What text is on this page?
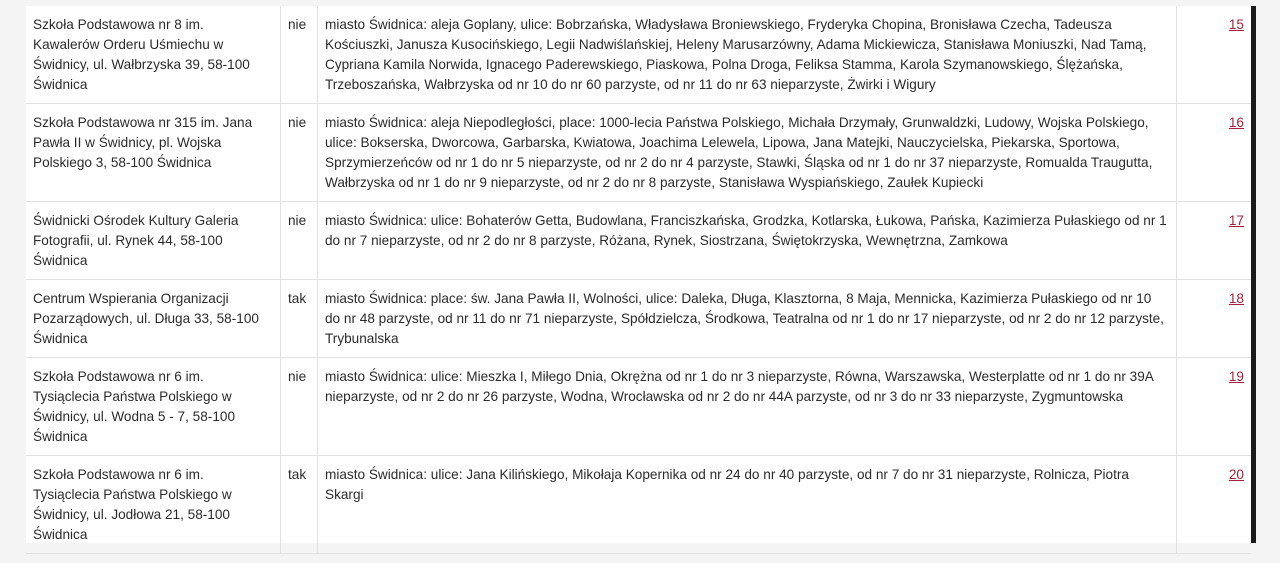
Szkoła Podstawowa nr 8 im. Kawalerów Orderu Uśmiechu w Świdnicy, ul. Wałbrzyska 39, 58-100 Świdnica	nie	miasto Świdnica: aleja Goplany, ulice: Bobrzańska, Władysława Broniewskiego, Fryderyka Chopina, Bronisława Czecha, Tadeusza Kościuszki, Janusza Kusocińskiego, Legii Nadwiślańskiej, Heleny Marusarzówny, Adama Mickiewicza, Stanisława Moniuszki, Nad Tamą, Cypriana Kamila Norwida, Ignacego Paderewskiego, Piaskowa, Polna Droga, Feliksa Stamma, Karola Szymanowskiego, Ślężańska, Trzeboszańska, Wałbrzyska od nr 10 do nr 60 parzyste, od nr 11 do nr 63 nieparzyste, Żwirki i Wigury	15
Szkoła Podstawowa nr 315 im. Jana Pawła II w Świdnicy, pl. Wojska Polskiego 3, 58-100 Świdnica	nie	miasto Świdnica: aleja Niepodległości, place: 1000-lecia Państwa Polskiego, Michała Drzymały, Grunwaldzki, Ludowy, Wojska Polskiego, ulice: Bokserska, Dworcowa, Garbarska, Kwiatowa, Joachima Lelewela, Lipowa, Jana Matejki, Nauczycielska, Piekarska, Sportowa, Sprzymierzeńców od nr 1 do nr 5 nieparzyste, od nr 2 do nr 4 parzyste, Stawki, Śląska od nr 1 do nr 37 nieparzyste, Romualda Traugutta, Wałbrzyska od nr 1 do nr 9 nieparzyste, od nr 2 do nr 8 parzyste, Stanisława Wyspiańskiego, Zaułek Kupiecki	16
Świdnicki Ośrodek Kultury Galeria Fotografii, ul. Rynek 44, 58-100 Świdnica	nie	miasto Świdnica: ulice: Bohaterów Getta, Budowlana, Franciszkańska, Grodzka, Kotlarska, Łukowa, Pańska, Kazimierza Pułaskiego od nr 1 do nr 7 nieparzyste, od nr 2 do nr 8 parzyste, Różana, Rynek, Siostrzana, Świętokrzyska, Wewnętrzna, Zamkowa	17
Centrum Wspierania Organizacji Pozarządowych, ul. Długa 33, 58-100 Świdnica	tak	miasto Świdnica: place: św. Jana Pawła II, Wolności, ulice: Daleka, Długa, Klasztorna, 8 Maja, Mennicka, Kazimierza Pułaskiego od nr 10 do nr 48 parzyste, od nr 11 do nr 71 nieparzyste, Spółdzielcza, Środkowa, Teatralna od nr 1 do nr 17 nieparzyste, od nr 2 do nr 12 parzyste, Trybunalska	18
Szkoła Podstawowa nr 6 im. Tysiąclecia Państwa Polskiego w Świdnicy, ul. Wodna 5 - 7, 58-100 Świdnica	nie	miasto Świdnica: ulice: Mieszka I, Miłego Dnia, Okrężna od nr 1 do nr 3 nieparzyste, Równa, Warszawska, Westerplatte od nr 1 do nr 39A nieparzyste, od nr 2 do nr 26 parzyste, Wodna, Wrocławska od nr 2 do nr 44A parzyste, od nr 3 do nr 33 nieparzyste, Zygmuntowska	19
Szkoła Podstawowa nr 6 im. Tysiąclecia Państwa Polskiego w Świdnicy, ul. Jodłowa 21, 58-100 Świdnica	tak	miasto Świdnica: ulice: Jana Kilińskiego, Mikołaja Kopernika od nr 24 do nr 40 parzyste, od nr 7 do nr 31 nieparzyste, Rolnicza, Piotra Skargi	20
